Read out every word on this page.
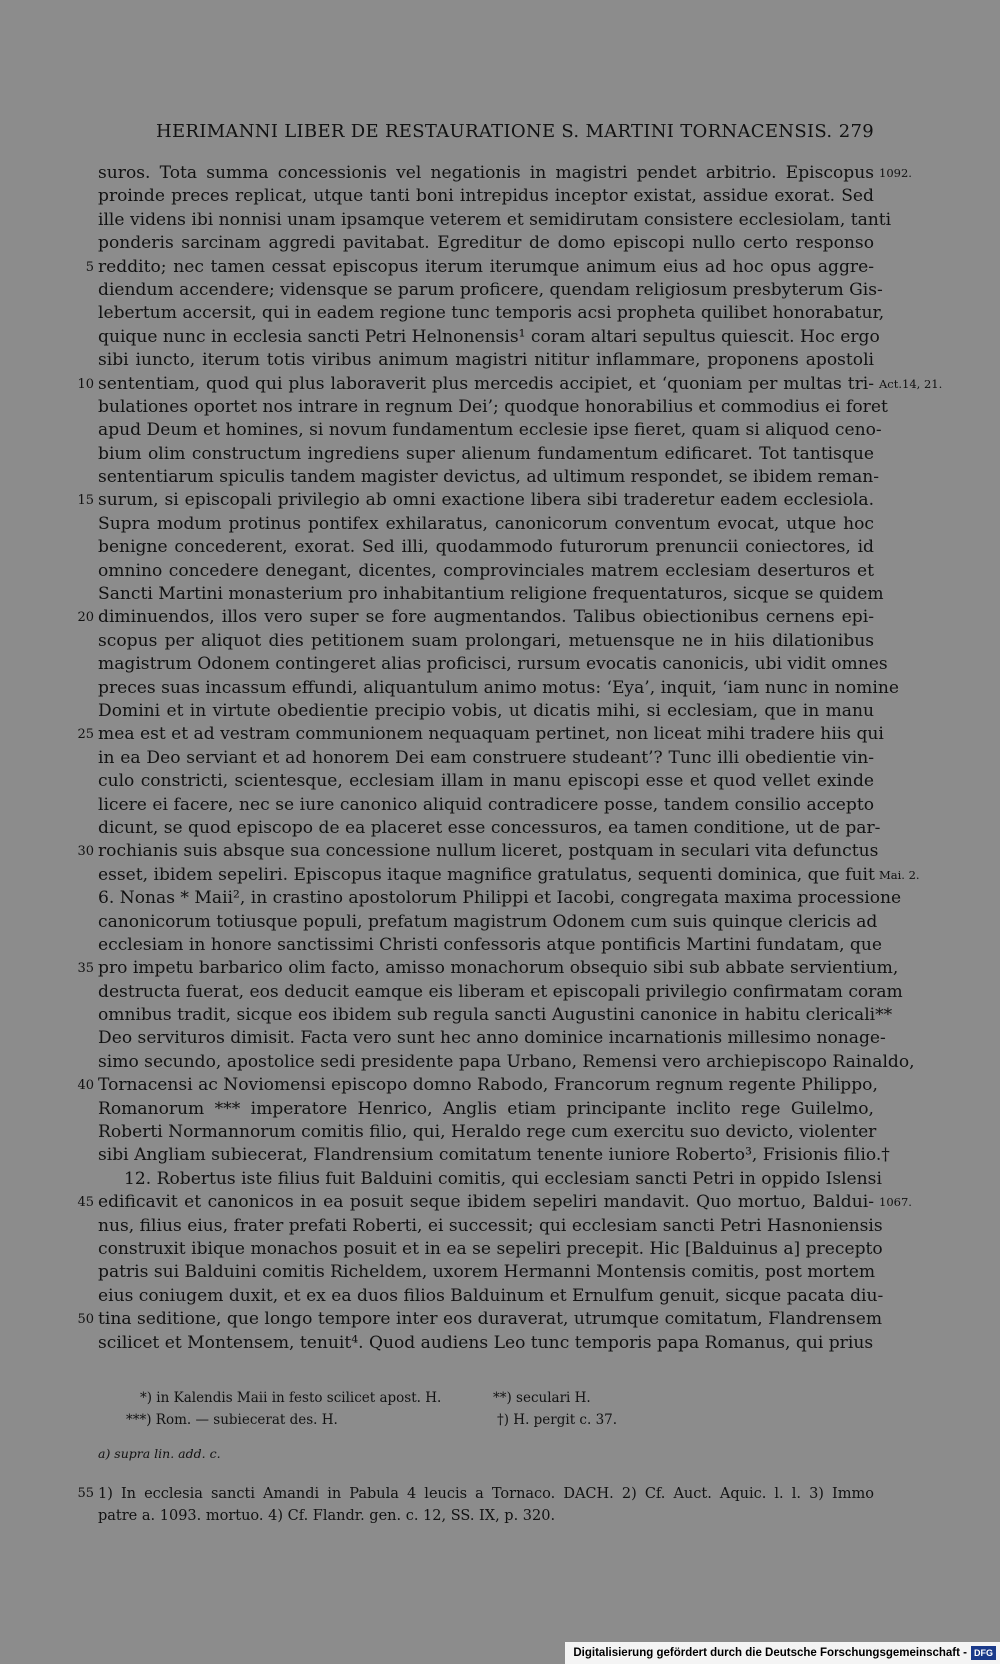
HERIMANNI LIBER DE RESTAURATIONE S. MARTINI TORNACENSIS. 279
suros. Tota summa concessionis vel negationis in magistri pendet arbitrio. Episcopus 1092.
proinde preces replicat, utque tanti boni intrepidus inceptor existat, assidue exorat. Sed
ille videns ibi nonnisi unam ipsamque veterem et semidirutam consistere ecclesiolam, tanti
ponderis sarcinam aggredi pavitabat. Egreditur de domo episcopi nullo certo responso
5 reddito; nec tamen cessat episcopus iterum iterumque animum eius ad hoc opus aggre-
diendum accendere; vidensque se parum proficere, quendam religiosum presbyterum Gis-
lebertum accersit, qui in eadem regione tunc temporis acsi propheta quilibet honorabatur,
quique nunc in ecclesia sancti Petri Helnonensis¹ coram altari sepultus quiescit. Hoc ergo
sibi iuncto, iterum totis viribus animum magistri nititur inflammare, proponens apostoli
10 sententiam, quod qui plus laboraverit plus mercedis accipiet, et ‘quoniam per multas tri- Act.14, 21.
bulationes oportet nos intrare in regnum Dei’; quodque honorabilius et commodius ei foret
apud Deum et homines, si novum fundamentum ecclesie ipse fieret, quam si aliquod ceno-
bium olim constructum ingrediens super alienum fundamentum edificaret. Tot tantisque
sententiarum spiculis tandem magister devictus, ad ultimum respondet, se ibidem reman-
15 surum, si episcopali privilegio ab omni exactione libera sibi traderetur eadem ecclesiola.
Supra modum protinus pontifex exhilaratus, canonicorum conventum evocat, utque hoc
benigne concederent, exorat. Sed illi, quodammodo futurorum prenuncii coniectores, id
omnino concedere denegant, dicentes, comprovinciales matrem ecclesiam deserturos et
Sancti Martini monasterium pro inhabitantium religione frequentaturos, sicque se quidem
20 diminuendos, illos vero super se fore augmentandos. Talibus obiectionibus cernens epi-
scopus per aliquot dies petitionem suam prolongari, metuensque ne in hiis dilationibus
magistrum Odonem contingeret alias proficisci, rursum evocatis canonicis, ubi vidit omnes
preces suas incassum effundi, aliquantulum animo motus: ‘Eya’, inquit, ‘iam nunc in nomine
Domini et in virtute obedientie precipio vobis, ut dicatis mihi, si ecclesiam, que in manu
25 mea est et ad vestram communionem nequaquam pertinet, non liceat mihi tradere hiis qui
in ea Deo serviant et ad honorem Dei eam construere studeant’? Tunc illi obedientie vin-
culo constricti, scientesque, ecclesiam illam in manu episcopi esse et quod vellet exinde
licere ei facere, nec se iure canonico aliquid contradicere posse, tandem consilio accepto
dicunt, se quod episcopo de ea placeret esse concessuros, ea tamen conditione, ut de par-
30 rochianis suis absque sua concessione nullum liceret, postquam in seculari vita defunctus
esset, ibidem sepeliri. Episcopus itaque magnifice gratulatus, sequenti dominica, que fuit Mai. 2.
6. Nonas * Maii², in crastino apostolorum Philippi et Iacobi, congregata maxima processione
canonicorum totiusque populi, prefatum magistrum Odonem cum suis quinque clericis ad
ecclesiam in honore sanctissimi Christi confessoris atque pontificis Martini fundatam, que
35 pro impetu barbarico olim facto, amisso monachorum obsequio sibi sub abbate servientium,
destructa fuerat, eos deducit eamque eis liberam et episcopali privilegio confirmatam coram
omnibus tradit, sicque eos ibidem sub regula sancti Augustini canonice in habitu clericali**
Deo servituros dimisit. Facta vero sunt hec anno dominice incarnationis millesimo nonage-
simo secundo, apostolice sedi presidente papa Urbano, Remensi vero archiepiscopo Rainaldo,
40 Tornacensi ac Noviomensi episcopo domno Rabodo, Francorum regnum regente Philippo,
Romanorum *** imperatore Henrico, Anglis etiam principante inclito rege Guilelmo,
Roberti Normannorum comitis filio, qui, Heraldo rege cum exercitu suo devicto, violenter
sibi Angliam subiecerat, Flandrensium comitatum tenente iuniore Roberto³, Frisionis filio.†
12. Robertus iste filius fuit Balduini comitis, qui ecclesiam sancti Petri in oppido Islensi
45 edificavit et canonicos in ea posuit seque ibidem sepeliri mandavit. Quo mortuo, Baldui- 1067.
nus, filius eius, frater prefati Roberti, ei successit; qui ecclesiam sancti Petri Hasnoniensis
construxit ibique monachos posuit et in ea se sepeliri precepit. Hic [Balduinus a] precepto
patris sui Balduini comitis Richeldem, uxorem Hermanni Montensis comitis, post mortem
eius coniugem duxit, et ex ea duos filios Balduinum et Ernulfum genuit, sicque pacata diu-
50 tina seditione, que longo tempore inter eos duraverat, utrumque comitatum, Flandrensem
scilicet et Montensem, tenuit⁴. Quod audiens Leo tunc temporis papa Romanus, qui prius
*) in Kalendis Maii in festo scilicet apost. H.	**) seculari H.
***) Rom. — subiecerat des. H.	†) H. pergit c. 37.
a) supra lin. add. c.
55 1) In ecclesia sancti Amandi in Pabula 4 leucis a Tornaco. DACH. 2) Cf. Auct. Aquic. l. l. 3) Immo
patre a. 1093. mortuo. 4) Cf. Flandr. gen. c. 12, SS. IX, p. 320.
Digitalisierung gefördert durch die Deutsche Forschungsgemeinschaft - DFG
